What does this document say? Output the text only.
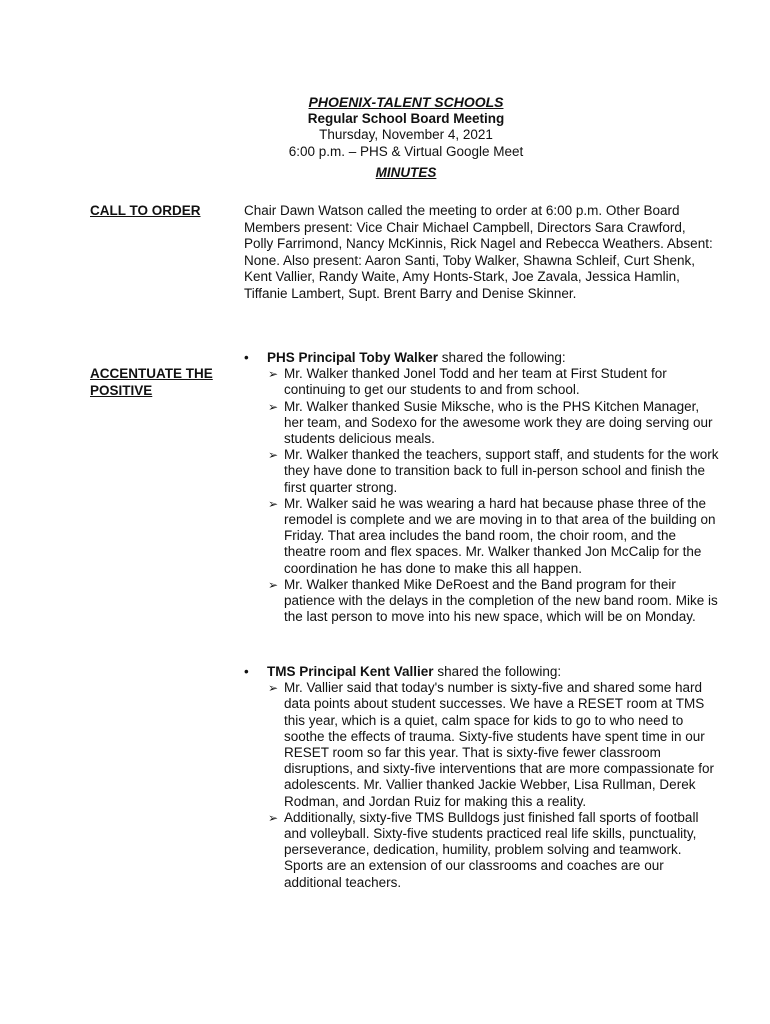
PHOENIX-TALENT SCHOOLS
Regular School Board Meeting
Thursday, November 4, 2021
6:00 p.m. – PHS & Virtual Google Meet
MINUTES
CALL TO ORDER	Chair Dawn Watson called the meeting to order at 6:00 p.m. Other Board Members present: Vice Chair Michael Campbell, Directors Sara Crawford, Polly Farrimond, Nancy McKinnis, Rick Nagel and Rebecca Weathers. Absent: None. Also present: Aaron Santi, Toby Walker, Shawna Schleif, Curt Shenk, Kent Vallier, Randy Waite, Amy Honts-Stark, Joe Zavala, Jessica Hamlin, Tiffanie Lambert, Supt. Brent Barry and Denise Skinner.
ACCENTUATE THE POSITIVE
• PHS Principal Toby Walker shared the following:
➢ Mr. Walker thanked Jonel Todd and her team at First Student for continuing to get our students to and from school.
➢ Mr. Walker thanked Susie Miksche, who is the PHS Kitchen Manager, her team, and Sodexo for the awesome work they are doing serving our students delicious meals.
➢ Mr. Walker thanked the teachers, support staff, and students for the work they have done to transition back to full in-person school and finish the first quarter strong.
➢ Mr. Walker said he was wearing a hard hat because phase three of the remodel is complete and we are moving in to that area of the building on Friday. That area includes the band room, the choir room, and the theatre room and flex spaces. Mr. Walker thanked Jon McCalip for the coordination he has done to make this all happen.
➢ Mr. Walker thanked Mike DeRoest and the Band program for their patience with the delays in the completion of the new band room. Mike is the last person to move into his new space, which will be on Monday.
• TMS Principal Kent Vallier shared the following:
➢ Mr. Vallier said that today's number is sixty-five and shared some hard data points about student successes. We have a RESET room at TMS this year, which is a quiet, calm space for kids to go to who need to soothe the effects of trauma. Sixty-five students have spent time in our RESET room so far this year. That is sixty-five fewer classroom disruptions, and sixty-five interventions that are more compassionate for adolescents. Mr. Vallier thanked Jackie Webber, Lisa Rullman, Derek Rodman, and Jordan Ruiz for making this a reality.
➢ Additionally, sixty-five TMS Bulldogs just finished fall sports of football and volleyball. Sixty-five students practiced real life skills, punctuality, perseverance, dedication, humility, problem solving and teamwork. Sports are an extension of our classrooms and coaches are our additional teachers.
